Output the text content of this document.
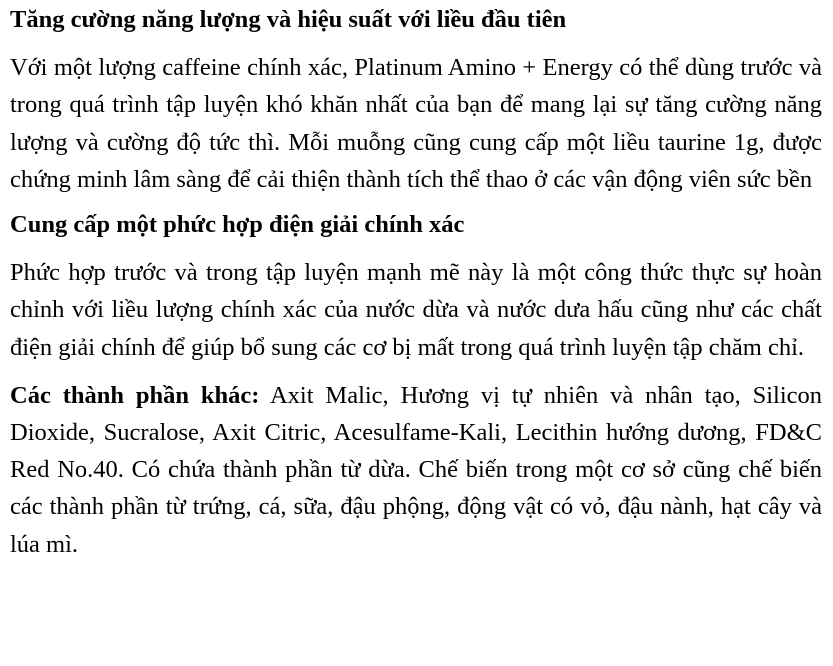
Tăng cường năng lượng và hiệu suất với liều đầu tiên

Với một lượng caffeine chính xác, Platinum Amino + Energy có thể dùng trước và trong quá trình tập luyện khó khăn nhất của bạn để mang lại sự tăng cường năng lượng và cường độ tức thì. Mỗi muỗng cũng cung cấp một liều taurine 1g, được chứng minh lâm sàng để cải thiện thành tích thể thao ở các vận động viên sức bền

Cung cấp một phức hợp điện giải chính xác

Phức hợp trước và trong tập luyện mạnh mẽ này là một công thức thực sự hoàn chỉnh với liều lượng chính xác của nước dừa và nước dưa hấu cũng như các chất điện giải chính để giúp bổ sung các cơ bị mất trong quá trình luyện tập chăm chỉ.

Các thành phần khác: Axit Malic, Hương vị tự nhiên và nhân tạo, Silicon Dioxide, Sucralose, Axit Citric, Acesulfame-Kali, Lecithin hướng dương, FD&C Red No.40. Có chứa thành phần từ dừa. Chế biến trong một cơ sở cũng chế biến các thành phần từ trứng, cá, sữa, đậu phộng, động vật có vỏ, đậu nành, hạt cây và lúa mì.
